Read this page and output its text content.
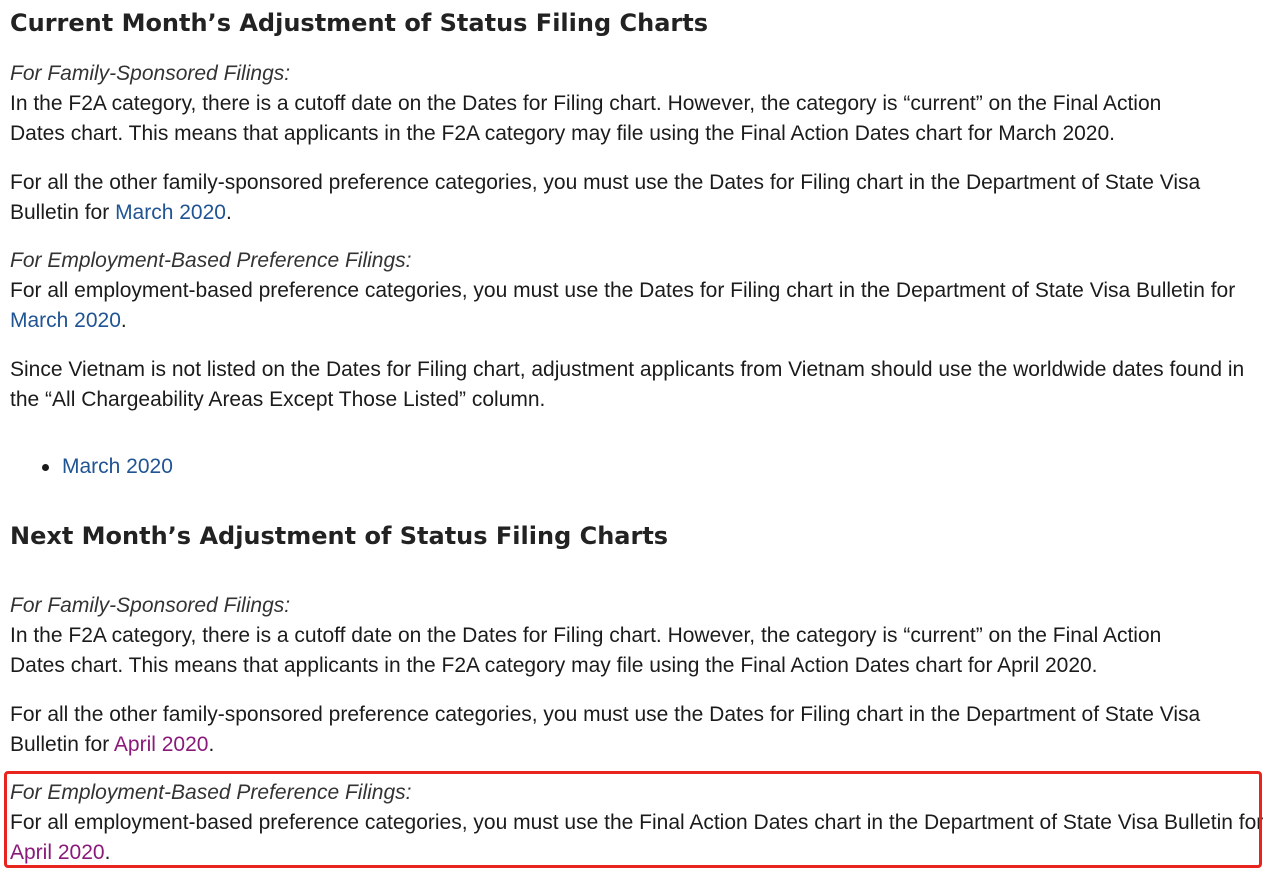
Current Month’s Adjustment of Status Filing Charts

For Family-Sponsored Filings:

In the F2A category, there is a cutoff date on the Dates for Filing chart. However, the category is “current” on the Final Action

Dates chart. This means that applicants in the F2A category may file using the Final Action Dates chart for March 2020.

For all the other family-sponsored preference categories, you must use the Dates for Filing chart in the Department of State Visa Bulletin for March 2020.

For Employment-Based Preference Filings:

For all employment-based preference categories, you must use the Dates for Filing chart in the Department of State Visa Bulletin for March 2020.

Since Vietnam is not listed on the Dates for Filing chart, adjustment applicants from Vietnam should use the worldwide dates found in the “All Chargeability Areas Except Those Listed” column.

March 2020
Next Month’s Adjustment of Status Filing Charts

For Family-Sponsored Filings:

In the F2A category, there is a cutoff date on the Dates for Filing chart. However, the category is “current” on the Final Action

Dates chart. This means that applicants in the F2A category may file using the Final Action Dates chart for April 2020.

For all the other family-sponsored preference categories, you must use the Dates for Filing chart in the Department of State Visa Bulletin for April 2020.

For Employment-Based Preference Filings:

For all employment-based preference categories, you must use the Final Action Dates chart in the Department of State Visa Bulletin for April 2020.
